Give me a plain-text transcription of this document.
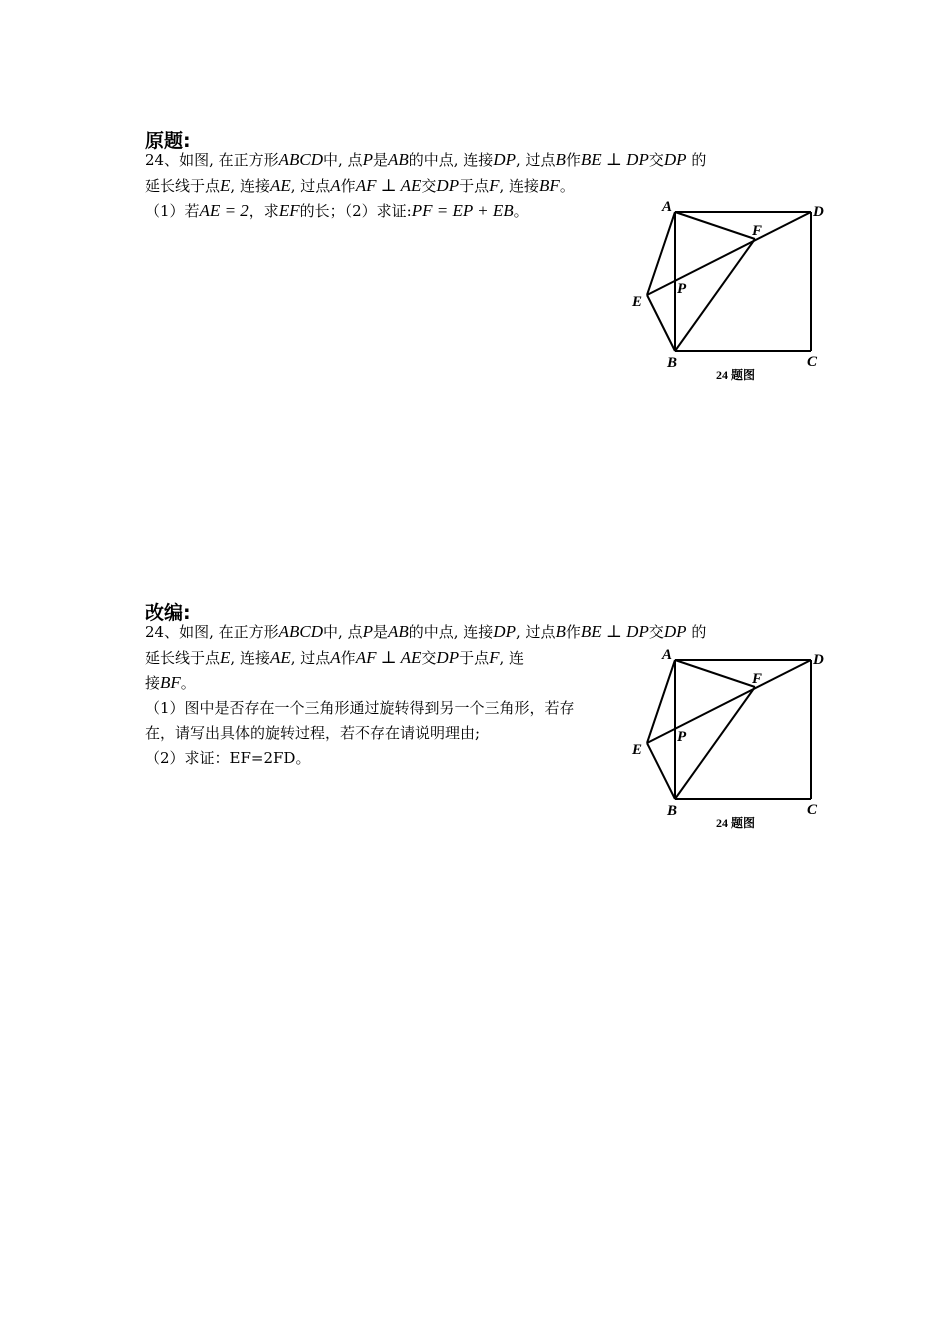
原题:
24、如图, 在正方形ABCD中, 点P是AB的中点, 连接DP, 过点B作BE ⊥ DP交DP 的
延长线于点E, 连接AE, 过点A作AF ⊥ AE交DP于点F, 连接BF。
（1）若AE = 2，求EF的长；（2）求证:PF = EP + EB。	A	D
F
P
E
B	C
24 题图
改编:
24、如图, 在正方形ABCD中, 点P是AB的中点, 连接DP, 过点B作BE ⊥ DP交DP 的
延长线于点E, 连接AE, 过点A作AF ⊥ AE交DP于点F, 连
接BF。
（1）图中是否存在一个三角形通过旋转得到另一个三角形，若存
在，请写出具体的旋转过程，若不存在请说明理由;
（2）求证：EF=2FD。
A	D
F
P
E
B	C
24 题图
